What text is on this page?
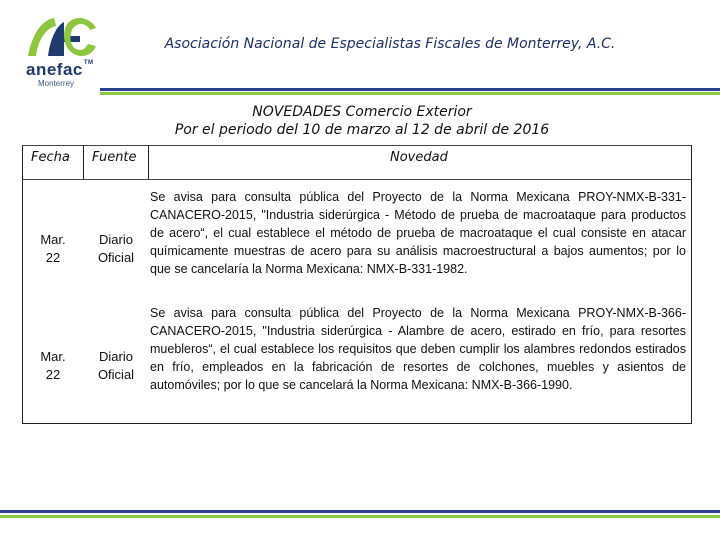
anefac™
Monterrey
Asociación Nacional de Especialistas Fiscales de Monterrey, A.C.
NOVEDADES Comercio Exterior
Por el periodo del 10 de marzo al 12 de abril de 2016
Fecha Fuente	Novedad
Mar.
22
Diario
Oficial
Se avisa para consulta pública del Proyecto de la Norma Mexicana PROY-NMX-B-331-CANACERO-2015, "Industria siderúrgica - Método de prueba de macroataque para productos de acero“, el cual establece el método de prueba de macroataque el cual consiste en atacar químicamente muestras de acero para su análisis macroestructural a bajos aumentos; por lo que se cancelaría la Norma Mexicana: NMX-B-331-1982.
Mar.
22
Diario
Oficial
Se avisa para consulta pública del Proyecto de la Norma Mexicana PROY-NMX-B-366-CANACERO-2015, "Industria siderúrgica - Alambre de acero, estirado en frío, para resortes muebleros“, el cual establece los requisitos que deben cumplir los alambres redondos estirados en frío, empleados en la fabricación de resortes de colchones, muebles y asientos de automóviles; por lo que se cancelará la Norma Mexicana: NMX-B-366-1990.
